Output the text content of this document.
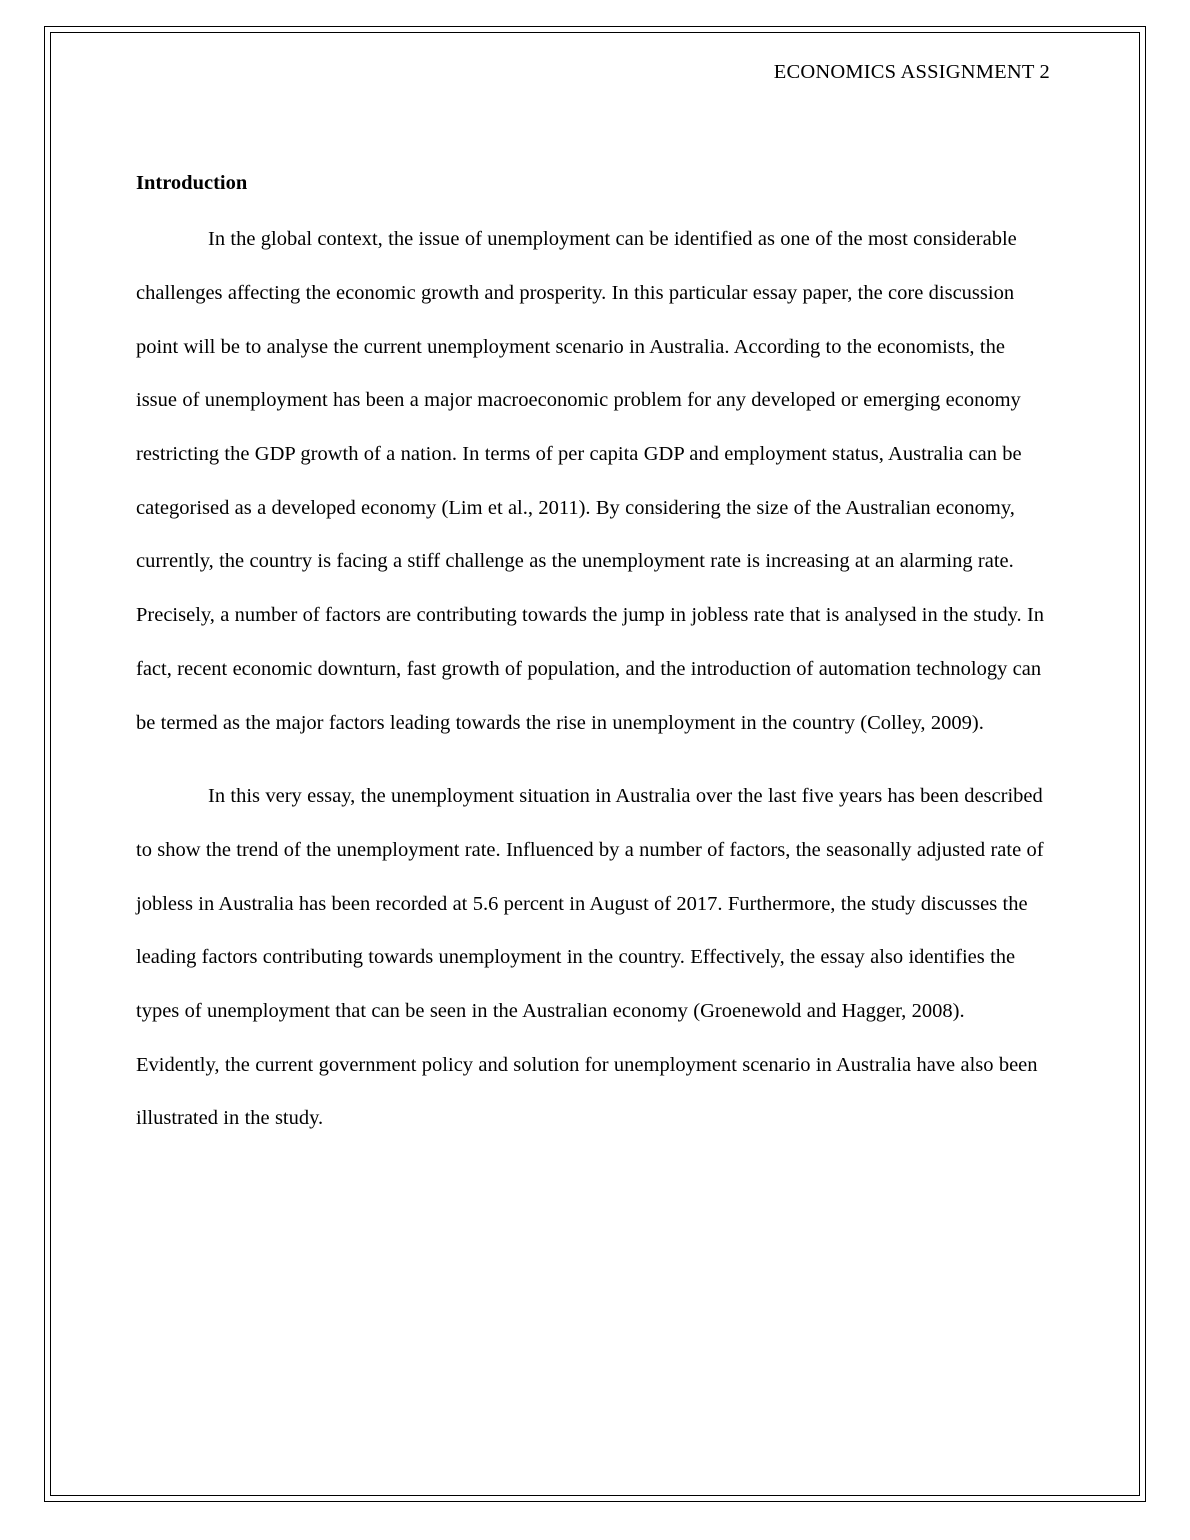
ECONOMICS ASSIGNMENT 2
Introduction

In the global context, the issue of unemployment can be identified as one of the most considerable challenges affecting the economic growth and prosperity. In this particular essay paper, the core discussion point will be to analyse the current unemployment scenario in Australia. According to the economists, the issue of unemployment has been a major macroeconomic problem for any developed or emerging economy restricting the GDP growth of a nation. In terms of per capita GDP and employment status, Australia can be categorised as a developed economy (Lim et al., 2011). By considering the size of the Australian economy, currently, the country is facing a stiff challenge as the unemployment rate is increasing at an alarming rate. Precisely, a number of factors are contributing towards the jump in jobless rate that is analysed in the study. In fact, recent economic downturn, fast growth of population, and the introduction of automation technology can be termed as the major factors leading towards the rise in unemployment in the country (Colley, 2009).

In this very essay, the unemployment situation in Australia over the last five years has been described to show the trend of the unemployment rate. Influenced by a number of factors, the seasonally adjusted rate of jobless in Australia has been recorded at 5.6 percent in August of 2017. Furthermore, the study discusses the leading factors contributing towards unemployment in the country. Effectively, the essay also identifies the types of unemployment that can be seen in the Australian economy (Groenewold and Hagger, 2008). Evidently, the current government policy and solution for unemployment scenario in Australia have also been illustrated in the study.
